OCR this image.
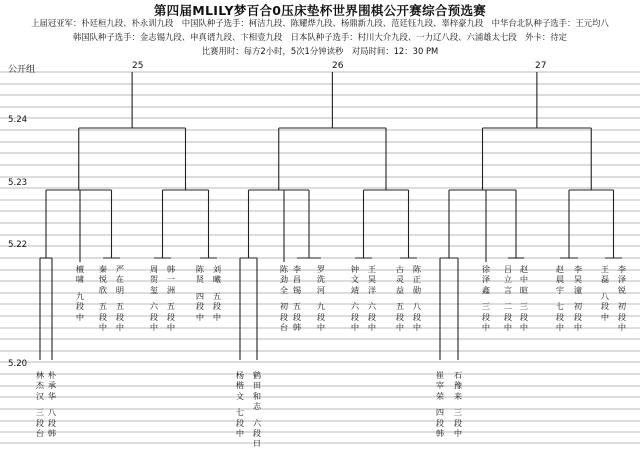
第四届MLILY梦百合0压床垫杯世界围棋公开赛综合预选赛
上届冠亚军：朴廷桓九段、朴永训九段　中国队种子选手：柯洁九段、陈耀烨九段、杨鼎新九段、范廷钰九段、辜梓豪九段　中华台北队种子选手：王元均八
韩国队种子选手：金志锡九段、申真谞九段、卞相壹九段　日本队种子选手：村川大介九段、一力辽八段、六浦雄太七段　外卡：待定
比赛用时：每方2小时，5次1分钟读秒　对局时间：12：30 PM
公开组
5.24
5.23
5.22
5.20
25	26	27
林
杰
汉
三
段
台
朴
承
华
八
段
韩
檀
啸
九
段
中
秦
悦
欣
五
段
中
严
在
明
五
段
中
周
贺
玺
六
段
中
韩
一
洲
五
段
中
陈
贤
四
段
中
刘
曦
五
段
中
杨
楷
文
七
段
中
鹤
田
和
志
六
段
日
陈
劲
全
初
段
台
李
昌
锡
五
段
韩
罗
洗
河
九
段
中
钟
文
靖
六
段
中
王
昊
洋
六
段
中
古
灵
益
五
段
中
陈
正
勋
八
段
中
崔
宰
荣
四
段
韩
石
豫
来
三
段
中
徐
泽
鑫
三
段
中
吕
立
言
二
段
中
赵
中
暄
三
段
中
赵
晨
宇
七
段
中
李
昊
潼
初
段
中
王
磊
八
段
中
李
泽
锐
初
段
中
